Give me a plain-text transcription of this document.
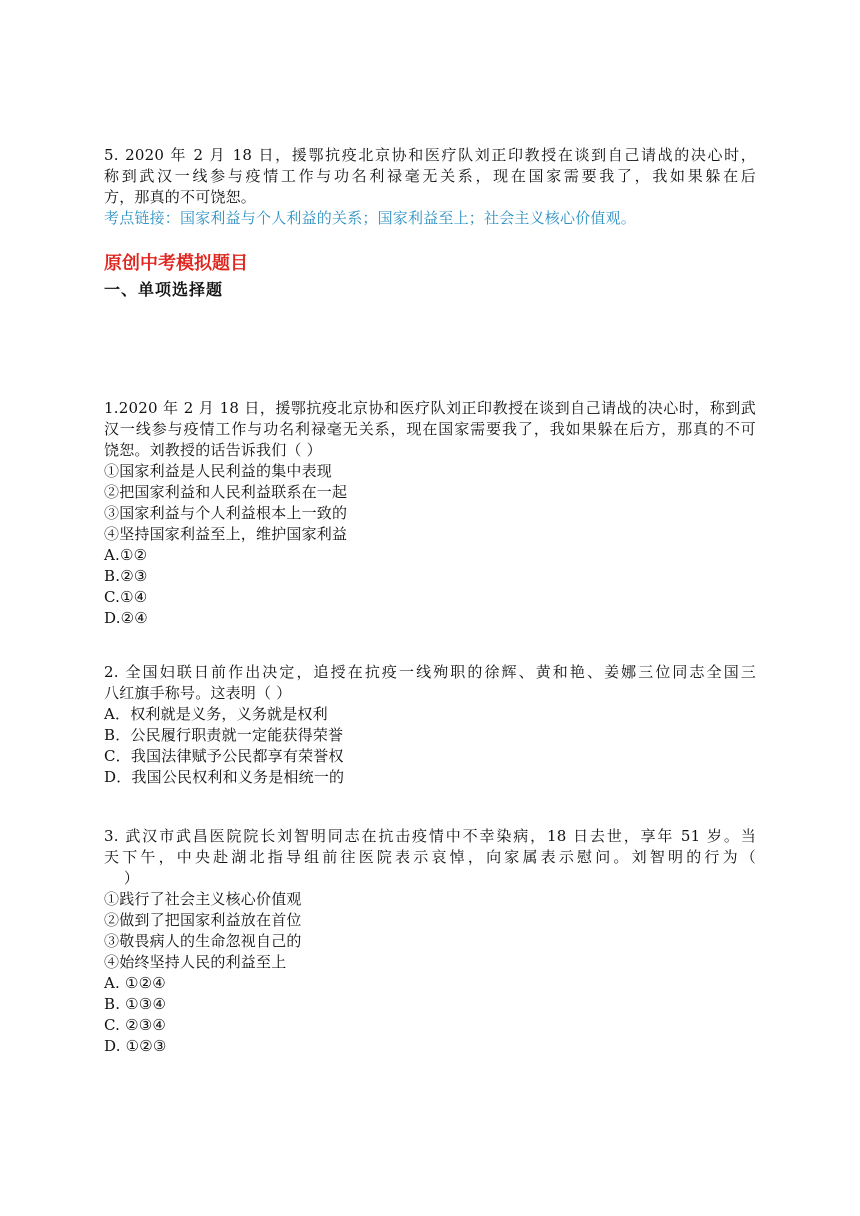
5. 2020 年 2 月 18 日，援鄂抗疫北京协和医疗队刘正印教授在谈到自己请战的决心时，
称到武汉一线参与疫情工作与功名利禄毫无关系，现在国家需要我了，我如果躲在后
方，那真的不可饶恕。
考点链接：国家利益与个人利益的关系；国家利益至上；社会主义核心价值观。
原创中考模拟题目
一、单项选择题
1.2020 年 2 月 18 日，援鄂抗疫北京协和医疗队刘正印教授在谈到自己请战的决心时，称到武
汉一线参与疫情工作与功名利禄毫无关系，现在国家需要我了，我如果躲在后方，那真的不可
饶恕。刘教授的话告诉我们（ ）
①国家利益是人民利益的集中表现
②把国家利益和人民利益联系在一起
③国家利益与个人利益根本上一致的
④坚持国家利益至上，维护国家利益
A.①②
B.②③
C.①④
D.②④
2. 全国妇联日前作出决定，追授在抗疫一线殉职的徐辉、黄和艳、姜娜三位同志全国三
八红旗手称号。这表明（ ）
A．权利就是义务，义务就是权利
B．公民履行职责就一定能获得荣誉
C．我国法律赋予公民都享有荣誉权
D．我国公民权利和义务是相统一的
3. 武汉市武昌医院院长刘智明同志在抗击疫情中不幸染病，18 日去世，享年 51 岁。当
天下午，中央赴湖北指导组前往医院表示哀悼，向家属表示慰问。刘智明的行为（
）
①践行了社会主义核心价值观
②做到了把国家利益放在首位
③敬畏病人的生命忽视自己的
④始终坚持人民的利益至上
A. ①②④
B. ①③④
C. ②③④
D. ①②③
